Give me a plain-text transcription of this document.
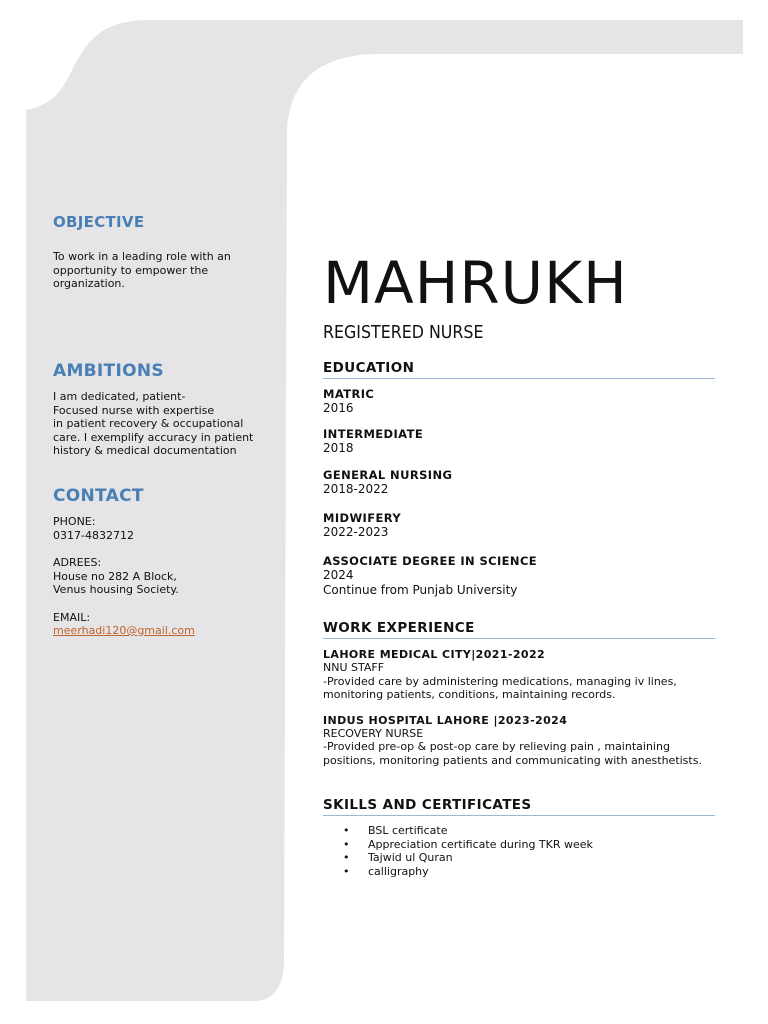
OBJECTIVE
To work in a leading role with an opportunity to empower the organization.
AMBITIONS
I am dedicated, patient-
Focused nurse with expertise
in patient recovery & occupational
care. I exemplify accuracy in patient
history & medical documentation
CONTACT
PHONE:
0317-4832712
ADREES:
House no 282 A Block,
Venus housing Society.
EMAIL:
meerhadi120@gmail.com
MAHRUKH
REGISTERED NURSE
EDUCATION
MATRIC
2016
INTERMEDIATE
2018
GENERAL NURSING
2018-2022
MIDWIFERY
2022-2023
ASSOCIATE DEGREE IN SCIENCE
2024
Continue from Punjab University
WORK EXPERIENCE
LAHORE MEDICAL CITY|2021-2022
NNU STAFF
-Provided care by administering medications, managing iv lines,
monitoring patients, conditions, maintaining records.
INDUS HOSPITAL LAHORE |2023-2024
RECOVERY NURSE
-Provided pre-op & post-op care by relieving pain , maintaining
positions, monitoring patients and communicating with anesthetists.
SKILLS AND CERTIFICATES
• BSL certificate
• Appreciation certificate during TKR week
• Tajwid ul Quran
• calligraphy
